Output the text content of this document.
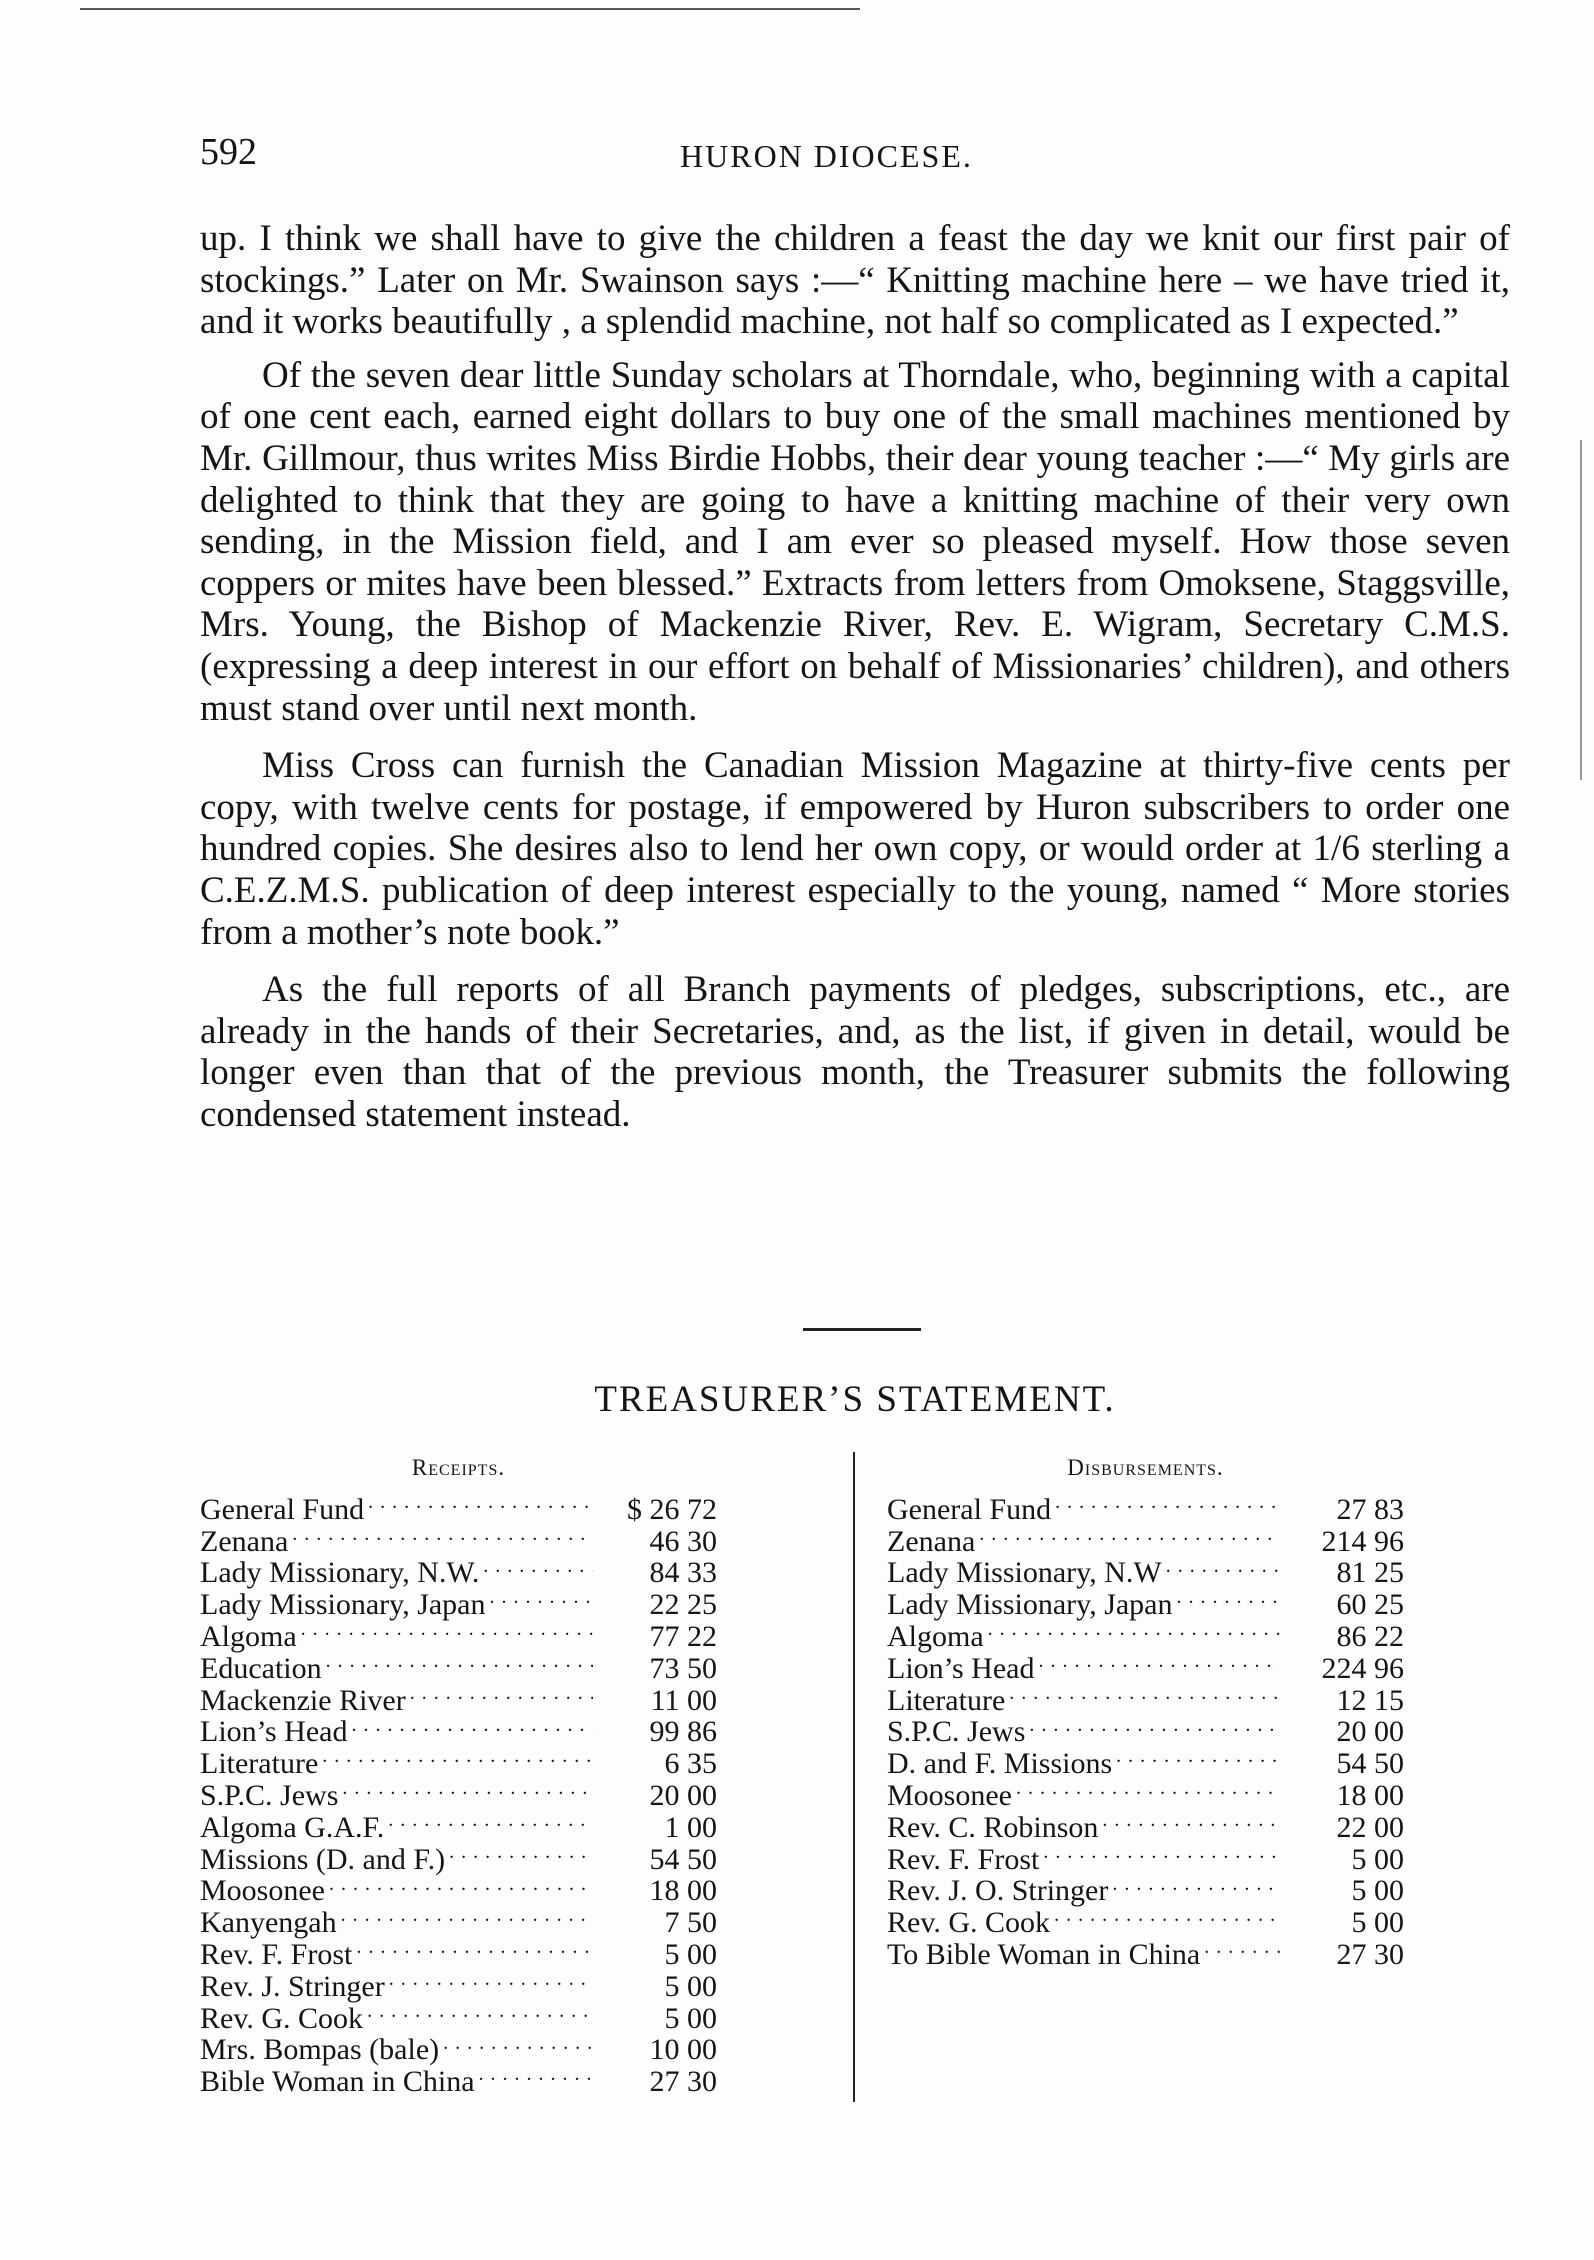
592	HURON DIOCESE.

up. I think we shall have to give the children a feast the day we knit our first pair of stockings.” Later on Mr. Swainson says :—“ Knitting machine here – we have tried it, and it works beautifully , a splendid machine, not half so complicated as I expected.”

Of the seven dear little Sunday scholars at Thorndale, who, beginning with a capital of one cent each, earned eight dollars to buy one of the small machines mentioned by Mr. Gillmour, thus writes Miss Birdie Hobbs, their dear young teacher :—“ My girls are delighted to think that they are going to have a knitting machine of their very own sending, in the Mission field, and I am ever so pleased myself. How those seven coppers or mites have been blessed.” Extracts from letters from Omoksene, Staggsville, Mrs. Young, the Bishop of Mackenzie River, Rev. E. Wigram, Secretary C.M.S. (expressing a deep interest in our effort on behalf of Missionaries’ children), and others must stand over until next month.

Miss Cross can furnish the Canadian Mission Magazine at thirty-five cents per copy, with twelve cents for postage, if empowered by Huron subscribers to order one hundred copies. She desires also to lend her own copy, or would order at 1/6 sterling a C.E.Z.M.S. publication of deep interest especially to the young, named “ More stories from a mother’s note book.”

As the full reports of all Branch payments of pledges, subscriptions, etc., are already in the hands of their Secretaries, and, as the list, if given in detail, would be longer even than that of the previous month, the Treasurer submits the following condensed statement instead.

TREASURER’S STATEMENT.
Receipts.
General Fund . . .	$ 26 72
Zenana . . .	46 30
Lady Missionary, N.W. . . .	84 33
Lady Missionary, Japan . . .	22 25
Algoma . . .	77 22
Education . . .	73 50
Mackenzie River . . .	11 00
Lion’s Head . . .	99 86
Literature . . .	6 35
S.P.C. Jews . . .	20 00
Algoma G.A.F. . . .	1 00
Missions (D. and F.) . . .	54 50
Moosonee . . .	18 00
Kanyengah . . .	7 50
Rev. F. Frost . . .	5 00
Rev. J. Stringer . . .	5 00
Rev. G. Cook . . .	5 00
Mrs. Bompas (bale) . . .	10 00
Bible Woman in China . . .	27 30
Disbursements.
General Fund . . .	27 83
Zenana . . .	214 96
Lady Missionary, N.W . . .	81 25
Lady Missionary, Japan . . .	60 25
Algoma . . .	86 22
Lion’s Head . . .	224 96
Literature . . .	12 15
S.P.C. Jews . . .	20 00
D. and F. Missions . . .	54 50
Moosonee . . .	18 00
Rev. C. Robinson . . .	22 00
Rev. F. Frost . . .	5 00
Rev. J. O. Stringer . . .	5 00
Rev. G. Cook . . .	5 00
To Bible Woman in China . . .	27 30
